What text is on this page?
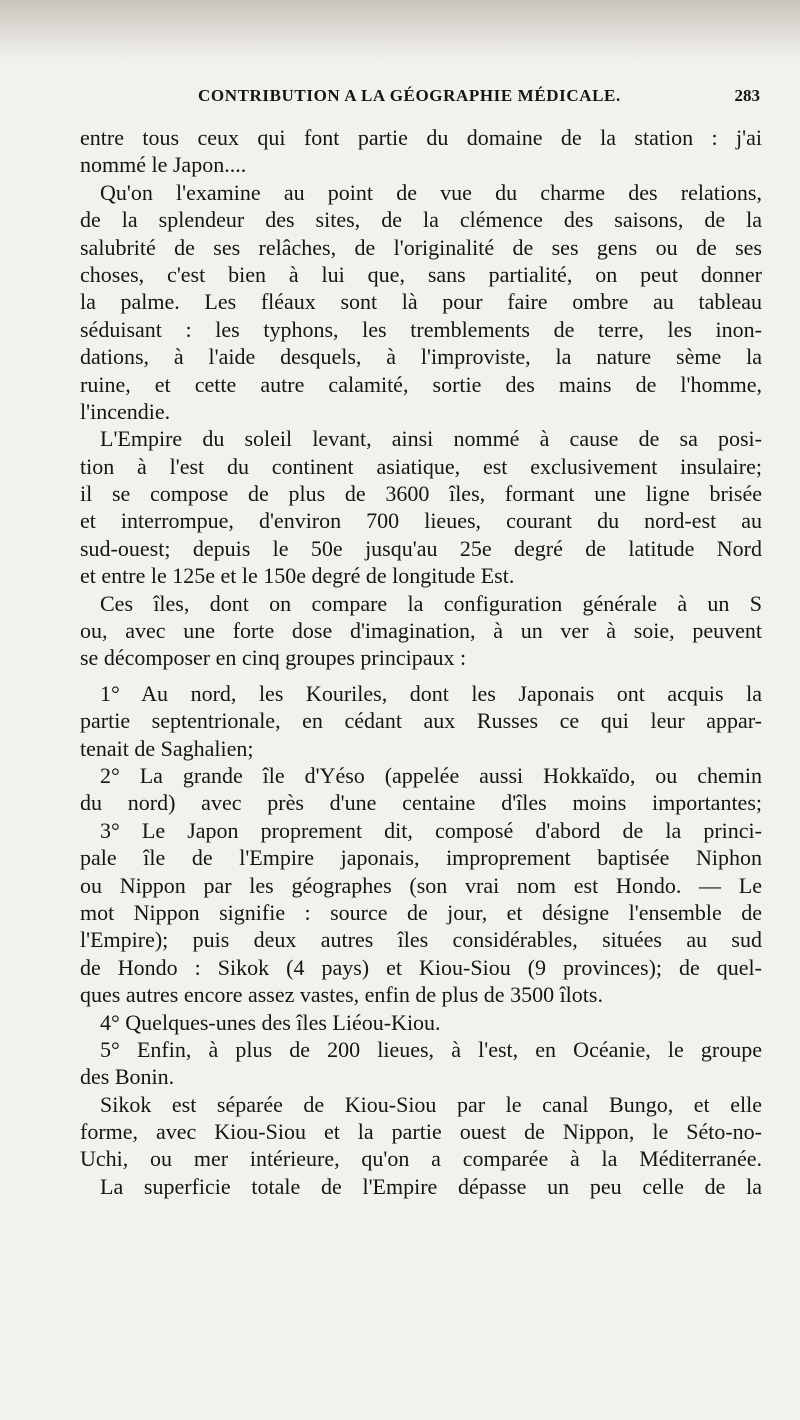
CONTRIBUTION A LA GÉOGRAPHIE MÉDICALE.	283
entre tous ceux qui font partie du domaine de la station : j'ai
nommé le Japon....
Qu'on l'examine au point de vue du charme des relations,
de la splendeur des sites, de la clémence des saisons, de la
salubrité de ses relâches, de l'originalité de ses gens ou de ses
choses, c'est bien à lui que, sans partialité, on peut donner
la palme. Les fléaux sont là pour faire ombre au tableau
séduisant : les typhons, les tremblements de terre, les inon-
dations, à l'aide desquels, à l'improviste, la nature sème la
ruine, et cette autre calamité, sortie des mains de l'homme,
l'incendie.
L'Empire du soleil levant, ainsi nommé à cause de sa posi-
tion à l'est du continent asiatique, est exclusivement insulaire;
il se compose de plus de 3600 îles, formant une ligne brisée
et interrompue, d'environ 700 lieues, courant du nord-est au
sud-ouest; depuis le 50e jusqu'au 25e degré de latitude Nord
et entre le 125e et le 150e degré de longitude Est.
Ces îles, dont on compare la configuration générale à un S
ou, avec une forte dose d'imagination, à un ver à soie, peuvent
se décomposer en cinq groupes principaux :
1° Au nord, les Kouriles, dont les Japonais ont acquis la
partie septentrionale, en cédant aux Russes ce qui leur appar-
tenait de Saghalien;
2° La grande île d'Yéso (appelée aussi Hokkaïdo, ou chemin
du nord) avec près d'une centaine d'îles moins importantes;
3° Le Japon proprement dit, composé d'abord de la princi-
pale île de l'Empire japonais, improprement baptisée Niphon
ou Nippon par les géographes (son vrai nom est Hondo. — Le
mot Nippon signifie : source de jour, et désigne l'ensemble de
l'Empire); puis deux autres îles considérables, situées au sud
de Hondo : Sikok (4 pays) et Kiou-Siou (9 provinces); de quel-
ques autres encore assez vastes, enfin de plus de 3500 îlots.
4° Quelques-unes des îles Liéou-Kiou.
5° Enfin, à plus de 200 lieues, à l'est, en Océanie, le groupe
des Bonin.
Sikok est séparée de Kiou-Siou par le canal Bungo, et elle
forme, avec Kiou-Siou et la partie ouest de Nippon, le Séto-no-
Uchi, ou mer intérieure, qu'on a comparée à la Méditerranée.
La superficie totale de l'Empire dépasse un peu celle de la
